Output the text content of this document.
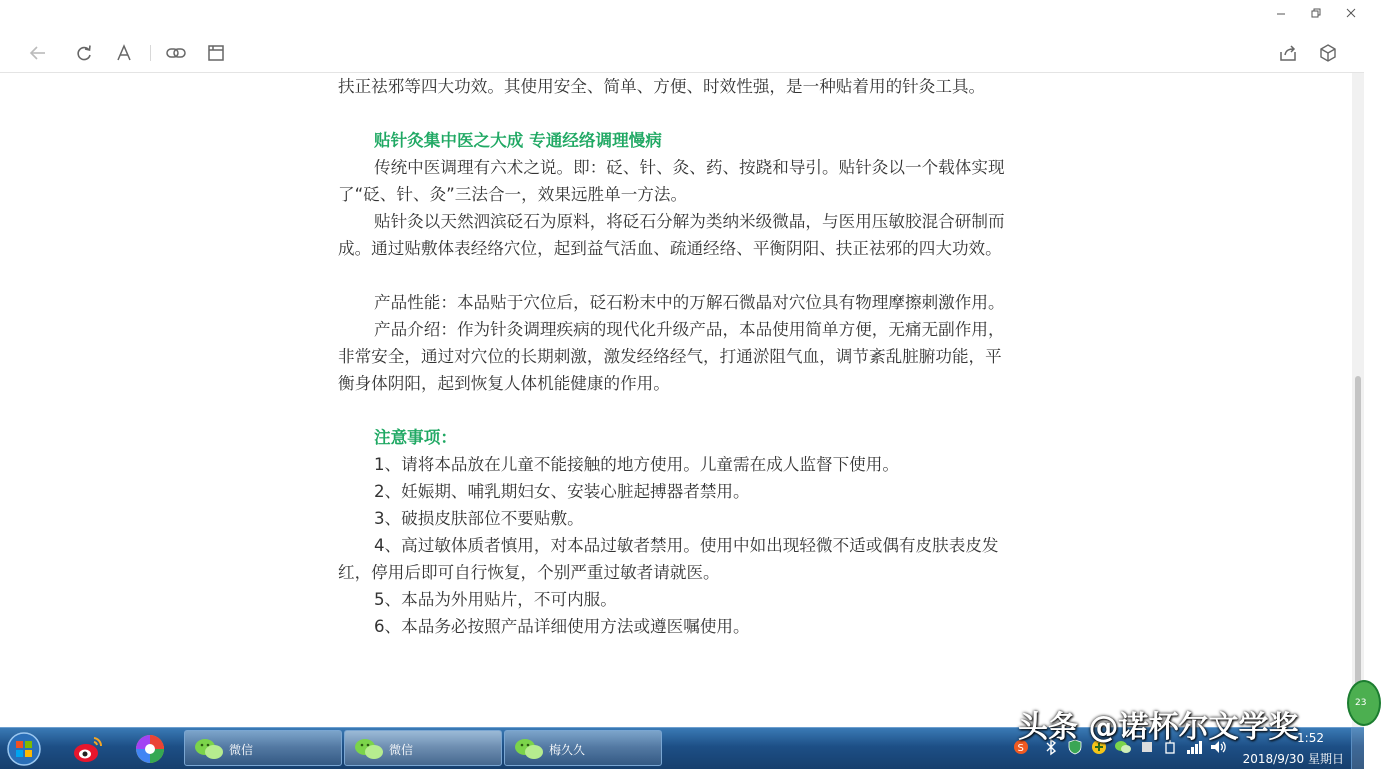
扶正祛邪等四大功效。其使用安全、简单、方便、时效性强，是一种贴着用的针灸工具。

贴针灸集中医之大成 专通经络调理慢病

传统中医调理有六术之说。即：砭、针、灸、药、按跷和导引。贴针灸以一个载体实现了“砭、针、灸”三法合一，效果远胜单一方法。

贴针灸以天然泗滨砭石为原料，将砭石分解为类纳米级微晶，与医用压敏胶混合研制而成。通过贴敷体表经络穴位，起到益气活血、疏通经络、平衡阴阳、扶正祛邪的四大功效。

产品性能：本品贴于穴位后，砭石粉末中的万解石微晶对穴位具有物理摩擦刺激作用。

产品介绍：作为针灸调理疾病的现代化升级产品，本品使用简单方便，无痛无副作用，非常安全，通过对穴位的长期刺激，激发经络经气，打通淤阻气血，调节紊乱脏腑功能，平衡身体阴阳，起到恢复人体机能健康的作用。

注意事项：

1、请将本品放在儿童不能接触的地方使用。儿童需在成人监督下使用。

2、妊娠期、哺乳期妇女、安装心脏起搏器者禁用。

3、破损皮肤部位不要贴敷。

4、高过敏体质者慎用，对本品过敏者禁用。使用中如出现轻微不适或偶有皮肤表皮发红，停用后即可自行恢复，个别严重过敏者请就医。

5、本品为外用贴片，不可内服。

6、本品务必按照产品详细使用方法或遵医嘱使用。

微信	微信	梅久久	S
1:52
2018/9/30 星期日
23
头条 @诺杯尔文学奖
